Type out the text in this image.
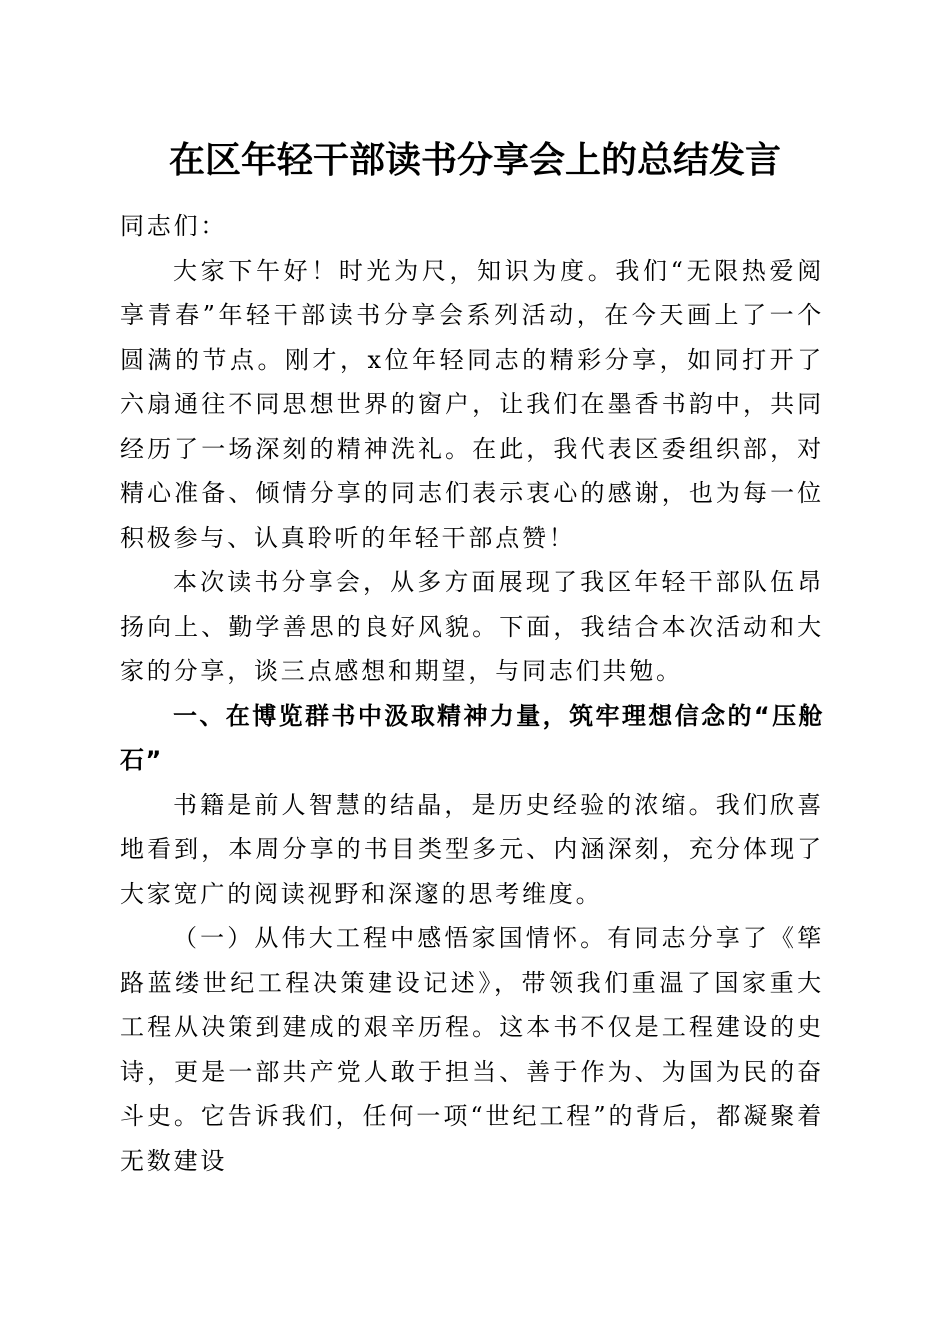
在区年轻干部读书分享会上的总结发言

同志们：

大家下午好！时光为尺，知识为度。我们“无限热爱阅享青春”年轻干部读书分享会系列活动，在今天画上了一个圆满的节点。刚才，x位年轻同志的精彩分享，如同打开了六扇通往不同思想世界的窗户，让我们在墨香书韵中，共同经历了一场深刻的精神洗礼。在此，我代表区委组织部，对精心准备、倾情分享的同志们表示衷心的感谢，也为每一位积极参与、认真聆听的年轻干部点赞！

本次读书分享会，从多方面展现了我区年轻干部队伍昂扬向上、勤学善思的良好风貌。下面，我结合本次活动和大家的分享，谈三点感想和期望，与同志们共勉。

一、在博览群书中汲取精神力量，筑牢理想信念的“压舱石”

书籍是前人智慧的结晶，是历史经验的浓缩。我们欣喜地看到，本周分享的书目类型多元、内涵深刻，充分体现了大家宽广的阅读视野和深邃的思考维度。

（一）从伟大工程中感悟家国情怀。有同志分享了《筚路蓝缕世纪工程决策建设记述》，带领我们重温了国家重大工程从决策到建成的艰辛历程。这本书不仅是工程建设的史诗，更是一部共产党人敢于担当、善于作为、为国为民的奋斗史。它告诉我们，任何一项“世纪工程”的背后，都凝聚着无数建设
